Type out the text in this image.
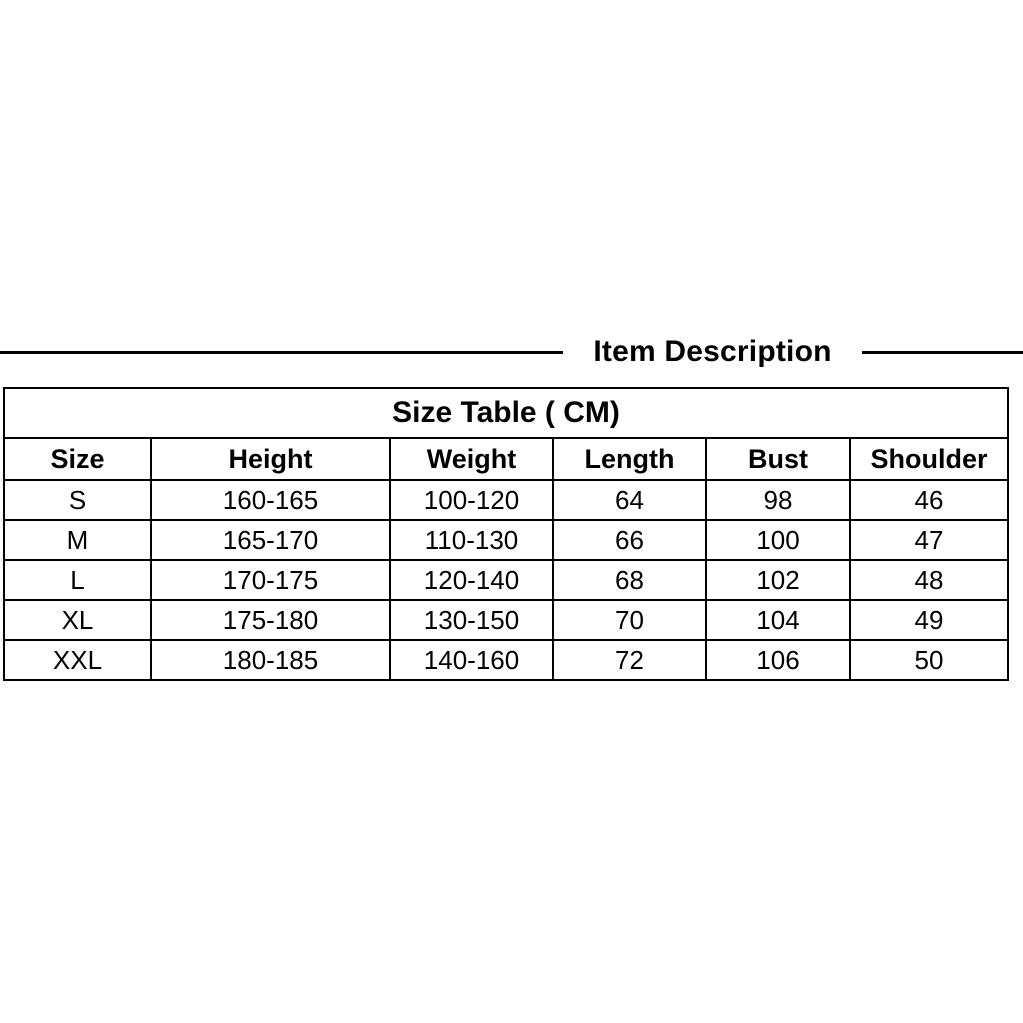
Item Description
Size Table ( CM)					
Size	Height	Weight	Length	Bust	Shoulder
S	160-165	100-120	64	98	46
M	165-170	110-130	66	100	47
L	170-175	120-140	68	102	48
XL	175-180	130-150	70	104	49
XXL	180-185	140-160	72	106	50
